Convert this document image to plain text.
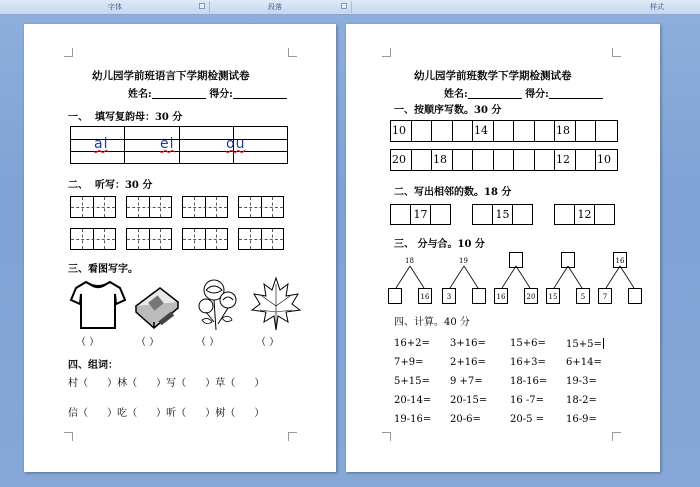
字体	段落	样式
幼儿园学前班语言下学期检测试卷
姓名:	得分:
一、 填写复韵母：30 分
ai	ei	ou
二、 听写：30 分
三、看图写字。
（ ）	（ ）	（ ）	（ ）
四、组词：
村（ ）林（ ）写（ ）草（ ）
信（ ）吃（ ）听（ ）树（ ）
幼儿园学前班数学下学期检测试卷
姓名:	得分:
一、按顺序写数。30 分
10	14	18
20	18	12	10
二、写出相邻的数。18 分
17	15	12
三、 分与合。10 分
18
16
19
3	16	20	15	5
16
7
四、计算。40 分
16+2= 3+16= 15+6= 15+5=
7+9=	2+16= 16+3= 6+14=
5+15= 9 +7=	18-16= 19-3=
20-14= 20-15= 16 -7= 18-2=
19-16= 20-6=	20-5 = 16-9=
